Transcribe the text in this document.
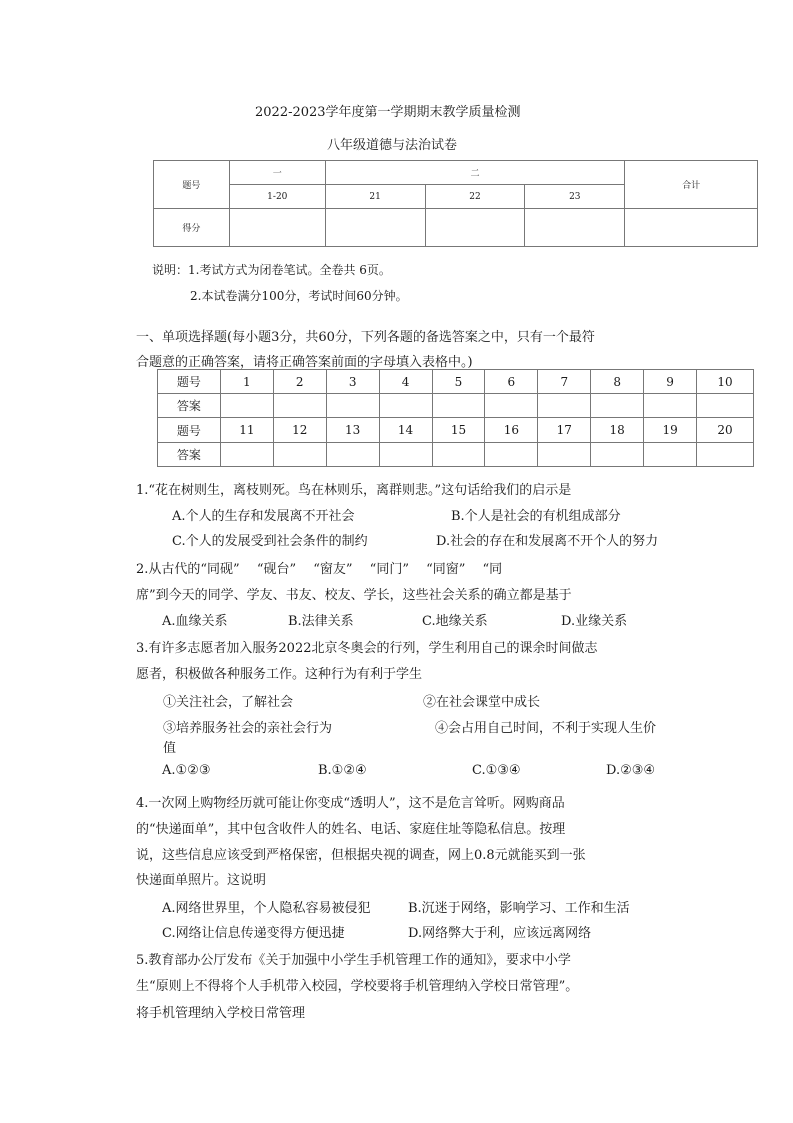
2022-2023学年度第一学期期末教学质量检测
八年级道德与法治试卷
题号	一	二			合计
	1-20	21	22	23	
得分					
说明：1.考试方式为闭卷笔试。全卷共 6页。
2.本试卷满分100分，考试时间60分钟。
一、单项选择题(每小题3分，共60分，下列各题的备选答案之中，只有一个最符
合题意的正确答案，请将正确答案前面的字母填入表格中。)
题号	1	2	3	4	5	6	7	8	9	10
答案										
题号	11	12	13	14	15	16	17	18	19	20
答案										
1.“花在树则生，离枝则死。鸟在林则乐，离群则悲。”这句话给我们的启示是
A.个人的生存和发展离不开社会	B.个人是社会的有机组成部分
C.个人的发展受到社会条件的制约	D.社会的存在和发展离不开个人的努力
2.从古代的“同砚”　 “砚台”　 “窗友”　 “同门”　 “同窗”　 “同
席”到今天的同学、学友、书友、校友、学长，这些社会关系的确立都是基于
A.血缘关系	B.法律关系	C.地缘关系	D.业缘关系
3.有许多志愿者加入服务2022北京冬奥会的行列，学生利用自己的课余时间做志
愿者，积极做各种服务工作。这种行为有利于学生
①关注社会，了解社会	②在社会课堂中成长
③培养服务社会的亲社会行为	④会占用自己时间，不利于实现人生价
值
A.①②③	B.①②④	C.①③④	D.②③④
4.一次网上购物经历就可能让你变成“透明人”，这不是危言耸听。网购商品
的“快递面单”，其中包含收件人的姓名、电话、家庭住址等隐私信息。按理
说，这些信息应该受到严格保密，但根据央视的调查，网上0.8元就能买到一张
快递面单照片。这说明
A.网络世界里，个人隐私容易被侵犯	B.沉迷于网络，影响学习、工作和生活
C.网络让信息传递变得方便迅捷	D.网络弊大于利，应该远离网络
5.教育部办公厅发布《关于加强中小学生手机管理工作的通知》，要求中小学
生“原则上不得将个人手机带入校园，学校要将手机管理纳入学校日常管理”。
将手机管理纳入学校日常管理
